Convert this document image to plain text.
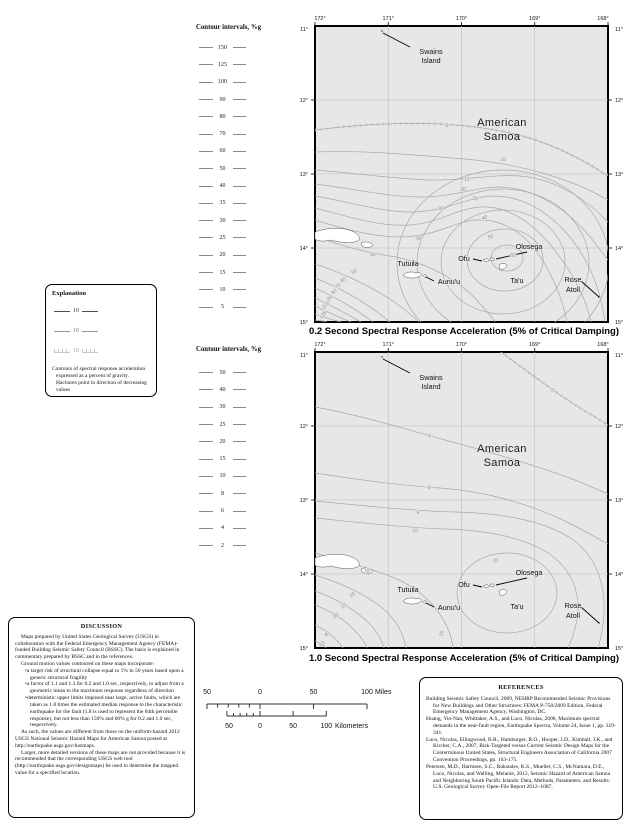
Contour intervals, %g
150
125
100
90
80
70
60
50
40
35
30
25
20
15
10
5
Contour intervals, %g
50
40
30
25
20
15
10
8
6
4
2
Explanation
10
10
10
Contours of spectral response acceleration expressed as a percent of gravity. Hachures point in direction of decreasing values
5
10
15
20
25
30
35
40
50
60
70
80
90
100
125
40
50
60
Swains
Island
American
Samoa
Tutuila
Aunu'u
Ofu
Olosega
Ta'u	Rose
Atoll
172°	171°	170°	169°	168°
11°
12°
13°
14°
15°
11°
12°
13°
14°
15°
0.2 Second Spectral Response Acceleration (5% of Critical Damping)
2
4
6
8
10
15
15
15
20
25
30
40
50
Swains
Island
American
Samoa
Tutuila
Aunu'u
Ofu
Olosega
Ta'u	Rose
Atoll
172°	171°	170°	169°	168°
11°
12°
13°
14°
15°
11°
12°
13°
14°
15°
1.0 Second Spectral Response Acceleration (5% of Critical Damping)
50	0	50	100 Miles
50	0	50	100 Kilometers
DISCUSSION
Maps prepared by United States Geological Survey (USGS) in collaboration with the Federal Emergency Management Agency (FEMA)-funded Building Seismic Safety Council (BSSC). The basis is explained in commentary prepared by BSSC and in the references.
Ground motion values contoured on these maps incorporate:
• a target risk of structural collapse equal to 1% in 50 years based upon a generic structural fragility
• a factor of 1.1 and 1.3 for 0.2 and 1.0 sec, respectively, to adjust from a geometric mean to the maximum response regardless of direction
• deterministic upper limits imposed near large, active faults, which are taken as 1.8 times the estimated median response to the characteristic earthquake for the fault (1.8 is used to represent the 84th percentile response), but not less than 150% and 60% g for 0.2 and 1.0 sec, respectively.
As such, the values are different from those on the uniform-hazard 2012 USGS National Seismic Hazard Maps for American Samoa posted at http://earthquake.usgs.gov/hazmaps.
Larger, more detailed versions of these maps are not provided because it is recommended that the corresponding USGS web tool (http://earthquake.usgs.gov/designmaps) be used to determine the mapped value for a specified location.
REFERENCES
Building Seismic Safety Council, 2009, NEHRP Recommended Seismic Provisions for New Buildings and Other Structures: FEMA P-750/2009 Edition, Federal Emergency Management Agency, Washington, DC.
Huang, Yin-Nan, Whittaker, A.S., and Luco, Nicolas, 2008, Maximum spectral demands in the near-fault region, Earthquake Spectra, Volume 24, Issue 1, pp. 319-341.
Luco, Nicolas, Ellingwood, B.R., Hamburger, R.O., Hooper, J.D., Kimball, J.K., and Kircher, C.A., 2007, Risk-Targeted versus Current Seismic Design Maps for the Conterminous United States, Structural Engineers Association of California 2007 Convention Proceedings, pp. 163-175.
Petersen, M.D., Harmsen, S.C., Rukstales, K.S., Mueller, C.S., McNamara, D.E., Luco, Nicolas, and Walling, Melanie, 2012, Seismic Hazard of American Samoa and Neighboring South Pacific Islands: Data, Methods, Parameters, and Results: U.S. Geological Survey Open-File Report 2012–1087.
